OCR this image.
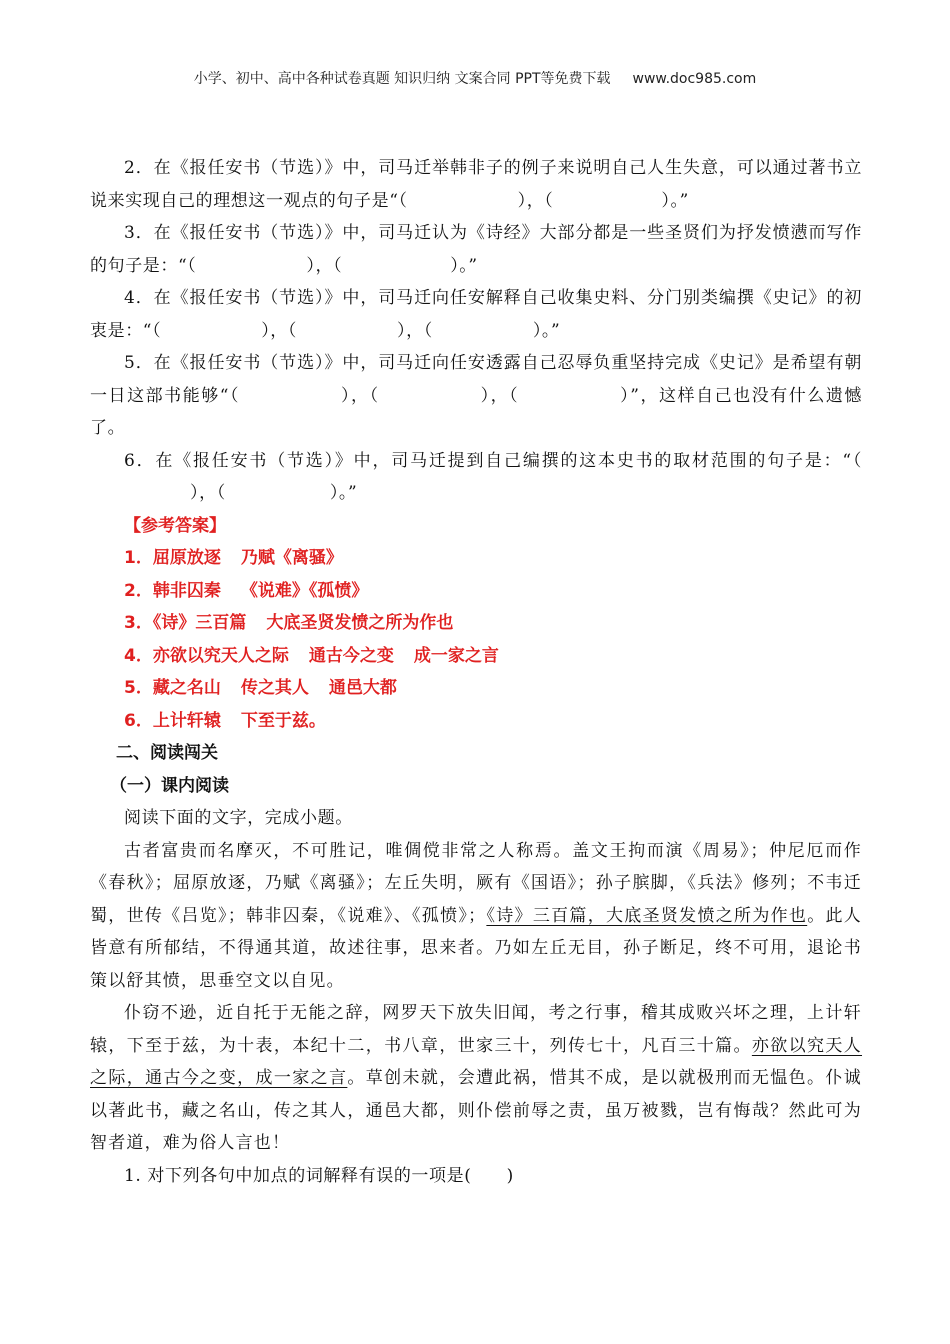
小学、初中、高中各种试卷真题 知识归纳 文案合同 PPT等免费下载 www.doc985.com

2．在《报任安书（节选）》中，司马迁举韩非子的例子来说明自己人生失意，可以通过著书立说来实现自己的理想这一观点的句子是“（	），（	）。”

3．在《报任安书（节选）》中，司马迁认为《诗经》大部分都是一些圣贤们为抒发愤懑而写作的句子是：“（	），（	）。”

4．在《报任安书（节选）》中，司马迁向任安解释自己收集史料、分门别类编撰《史记》的初衷是：“（	），（	），（	）。”

5．在《报任安书（节选）》中，司马迁向任安透露自己忍辱负重坚持完成《史记》是希望有朝一日这部书能够“（	），（	），（	）”，这样自己也没有什么遗憾了。

6．在《报任安书（节选）》中，司马迁提到自己编撰的这本史书的取材范围的句子是：“（），（	）。”

【参考答案】

1．屈原放逐 乃赋《离骚》

2．韩非囚秦 《说难》《孤愤》

3．《诗》三百篇 大底圣贤发愤之所为作也

4．亦欲以究天人之际 通古今之变 成一家之言

5．藏之名山 传之其人 通邑大都

6．上计轩辕 下至于兹。

二、阅读闯关

（一）课内阅读

阅读下面的文字，完成小题。

古者富贵而名摩灭，不可胜记，唯倜傥非常之人称焉。盖文王拘而演《周易》；仲尼厄而作《春秋》；屈原放逐，乃赋《离骚》；左丘失明，厥有《国语》；孙子膑脚，《兵法》修列；不韦迁蜀，世传《吕览》；韩非囚秦，《说难》、《孤愤》；《诗》三百篇，大底圣贤发愤之所为作也。此人皆意有所郁结，不得通其道，故述往事，思来者。乃如左丘无目，孙子断足，终不可用，退论书策以舒其愤，思垂空文以自见。

仆窃不逊，近自托于无能之辞，网罗天下放失旧闻，考之行事，稽其成败兴坏之理，上计轩辕，下至于兹，为十表，本纪十二，书八章，世家三十，列传七十，凡百三十篇。亦欲以究天人之际，通古今之变，成一家之言。草创未就，会遭此祸，惜其不成，是以就极刑而无愠色。仆诚以著此书，藏之名山，传之其人，通邑大都，则仆偿前辱之责，虽万被戮，岂有悔哉？然此可为智者道，难为俗人言也！

1. 对下列各句中加点的词解释有误的一项是(　　)
